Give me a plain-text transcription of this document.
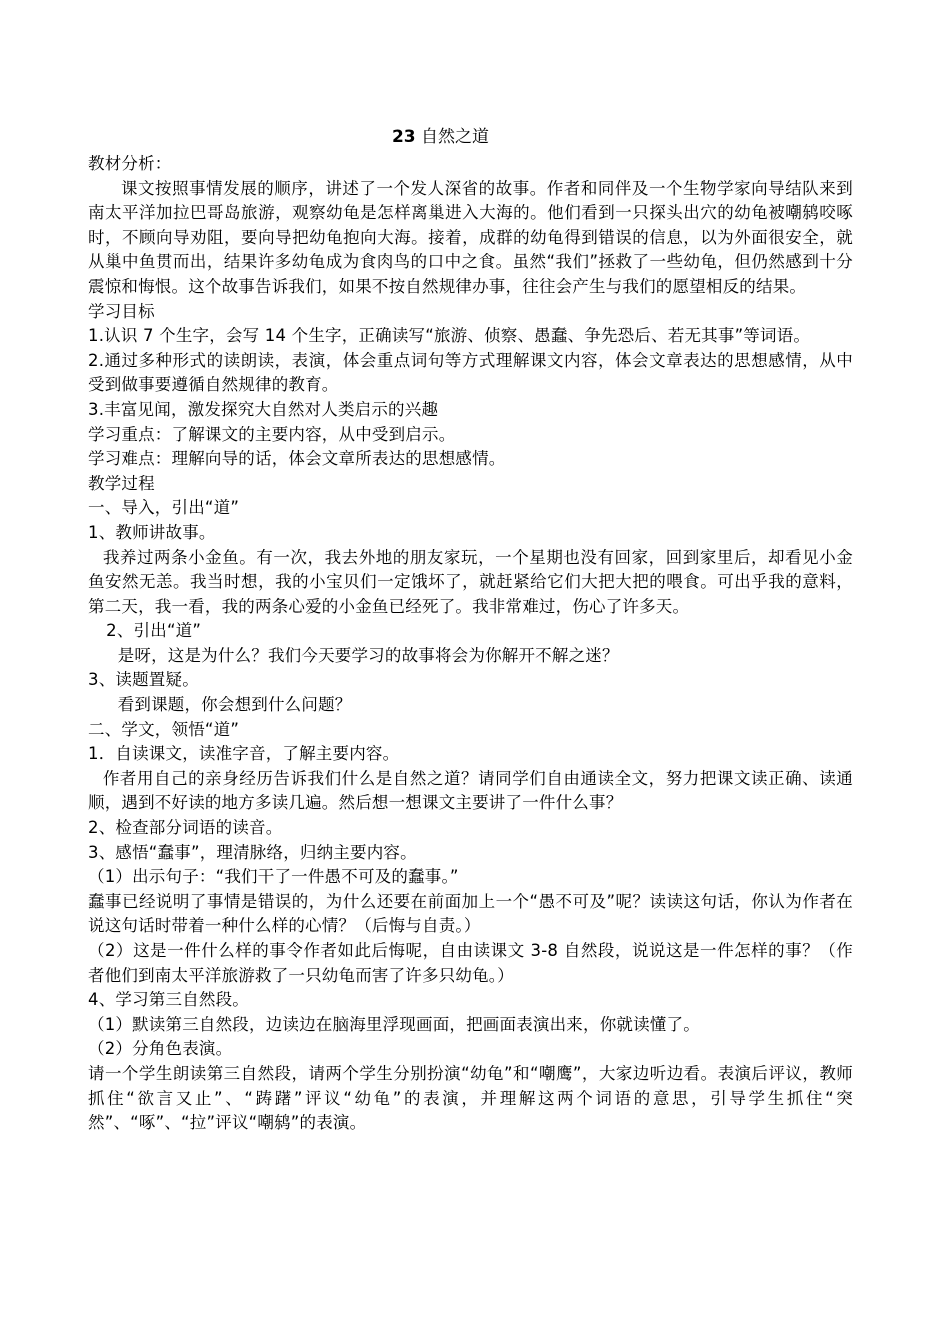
23 自然之道

教材分析：

课文按照事情发展的顺序，讲述了一个发人深省的故事。作者和同伴及一个生物学家向导结队来到南太平洋加拉巴哥岛旅游，观察幼龟是怎样离巢进入大海的。他们看到一只探头出穴的幼龟被嘲鸫咬啄时，不顾向导劝阻，要向导把幼龟抱向大海。接着，成群的幼龟得到错误的信息，以为外面很安全，就从巢中鱼贯而出，结果许多幼龟成为食肉鸟的口中之食。虽然“我们”拯救了一些幼龟，但仍然感到十分震惊和悔恨。这个故事告诉我们，如果不按自然规律办事，往往会产生与我们的愿望相反的结果。

学习目标

1.认识 7 个生字，会写 14 个生字，正确读写“旅游、侦察、愚蠢、争先恐后、若无其事”等词语。

2.通过多种形式的读朗读，表演，体会重点词句等方式理解课文内容，体会文章表达的思想感情，从中受到做事要遵循自然规律的教育。

3.丰富见闻，激发探究大自然对人类启示的兴趣

学习重点：了解课文的主要内容，从中受到启示。

学习难点：理解向导的话，体会文章所表达的思想感情。

教学过程

一、导入，引出“道”

1、教师讲故事。

我养过两条小金鱼。有一次，我去外地的朋友家玩，一个星期也没有回家，回到家里后，却看见小金鱼安然无恙。我当时想，我的小宝贝们一定饿坏了，就赶紧给它们大把大把的喂食。可出乎我的意料，第二天，我一看，我的两条心爱的小金鱼已经死了。我非常难过，伤心了许多天。

2、引出“道”

是呀，这是为什么？我们今天要学习的故事将会为你解开不解之迷？

3、读题置疑。

看到课题，你会想到什么问题？

二、学文，领悟“道”

1．自读课文，读准字音，了解主要内容。

作者用自己的亲身经历告诉我们什么是自然之道？请同学们自由通读全文，努力把课文读正确、读通顺，遇到不好读的地方多读几遍。然后想一想课文主要讲了一件什么事？

2、检查部分词语的读音。

3、感悟“蠢事”，理清脉络，归纳主要内容。

（1）出示句子：“我们干了一件愚不可及的蠢事。”

蠢事已经说明了事情是错误的，为什么还要在前面加上一个“愚不可及”呢？读读这句话，你认为作者在说这句话时带着一种什么样的心情？（后悔与自责。）

（2）这是一件什么样的事令作者如此后悔呢，自由读课文 3-8 自然段，说说这是一件怎样的事？（作者他们到南太平洋旅游救了一只幼龟而害了许多只幼龟。）

4、学习第三自然段。

（1）默读第三自然段，边读边在脑海里浮现画面，把画面表演出来，你就读懂了。

（2）分角色表演。

请一个学生朗读第三自然段，请两个学生分别扮演“幼龟”和“嘲鹰”，大家边听边看。表演后评议，教师抓住“欲言又止”、“踌躇”评议“幼龟”的表演，并理解这两个词语的意思，引导学生抓住“突然”、“啄”、“拉”评议“嘲鸫”的表演。
